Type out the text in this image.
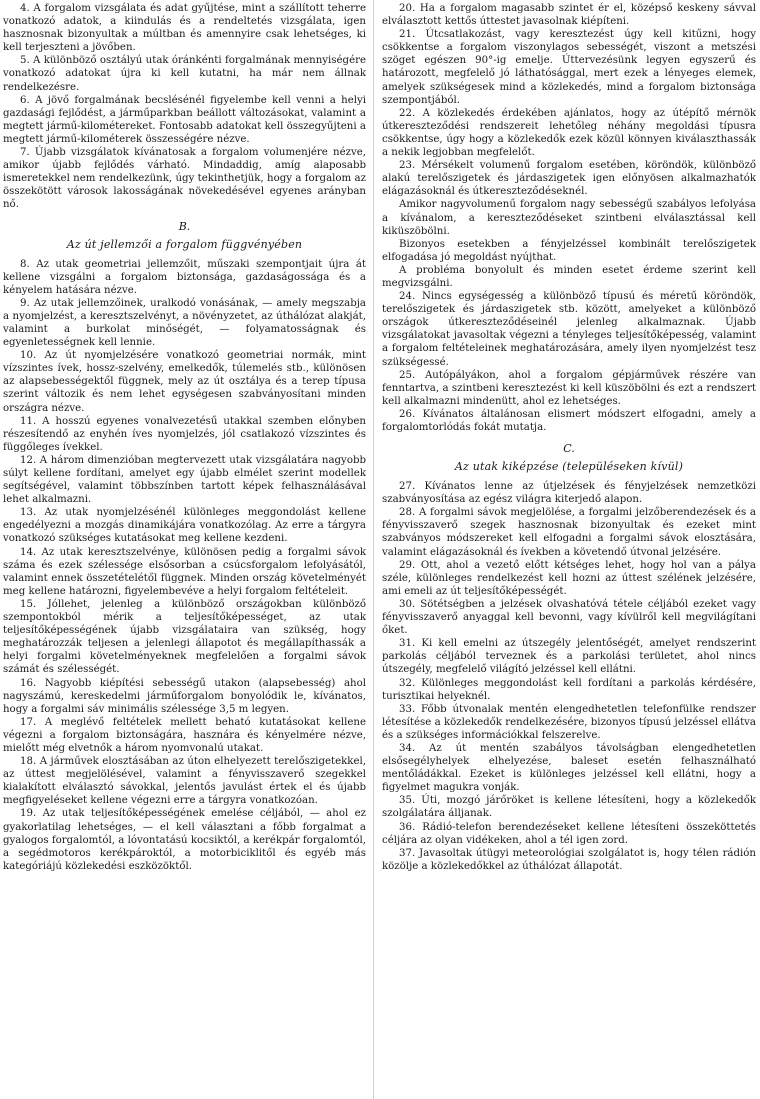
4. A forgalom vizsgálata és adat gyűjtése, mint a szállított teherre vonatkozó adatok, a kiindulás és a rendeltetés vizsgálata, igen hasznosnak bizonyultak a múltban és amennyire csak lehetséges, ki kell terjeszteni a jövőben.

5. A különböző osztályú utak óránkénti forgalmának mennyiségére vonatkozó adatokat újra ki kell kutatni, ha már nem állnak rendelkezésre.

6. A jövő forgalmának becslésénél figyelembe kell venni a helyi gazdasági fejlődést, a járműparkban beállott változásokat, valamint a megtett jármű-kilométereket. Fontosabb adatokat kell összegyűjteni a megtett jármű-kilométerek összességére nézve.

7. Újabb vizsgálatok kívánatosak a forgalom volumenjére nézve, amikor újabb fejlődés várható. Mindaddig, amíg alaposabb ismeretekkel nem rendelkezünk, úgy tekinthetjük, hogy a forgalom az összekötött városok lakosságának növekedésével egyenes arányban nő.

B.
Az út jellemzői a forgalom függvényében

8. Az utak geometriai jellemzőit, műszaki szempontjait újra át kellene vizsgálni a forgalom biztonsága, gazdaságossága és a kényelem hatására nézve.

9. Az utak jellemzőinek, uralkodó vonásának, — amely megszabja a nyomjelzést, a keresztszelvényt, a növényzetet, az úthálózat alakját, valamint a burkolat minőségét, — folyamatosságnak és egyenletességnek kell lennie.

10. Az út nyomjelzésére vonatkozó geometriai normák, mint vízszintes ívek, hossz-szelvény, emelkedők, túlemelés stb., különösen az alapsebességektől függnek, mely az út osztálya és a terep típusa szerint változik és nem lehet egységesen szabványosítani minden országra nézve.

11. A hosszú egyenes vonalvezetésű utakkal szemben előnyben részesítendő az enyhén íves nyomjelzés, jól csatlakozó vízszintes és függőleges ívekkel.

12. A három dimenzióban megtervezett utak vizsgálatára nagyobb súlyt kellene fordítani, amelyet egy újabb elmélet szerint modellek segítségével, valamint többszínben tartott képek felhasználásával lehet alkalmazni.

13. Az utak nyomjelzésénél különleges meggondolást kellene engedélyezni a mozgás dinamikájára vonatkozólag. Az erre a tárgyra vonatkozó szükséges kutatásokat meg kellene kezdeni.

14. Az utak keresztszelvénye, különösen pedig a forgalmi sávok száma és ezek szélessége elsősorban a csúcsforgalom lefolyásától, valamint ennek összetételétől függnek. Minden ország követelményét meg kellene határozni, figyelembevéve a helyi forgalom feltételeit.

15. Jóllehet, jelenleg a különböző országokban különböző szempontokból mérik a teljesítőképességet, az utak teljesítőképességének újabb vizsgálataira van szükség, hogy meghatározzák teljesen a jelenlegi állapotot és megállapíthassák a helyi forgalmi követelményeknek megfelelően a forgalmi sávok számát és szélességét.

16. Nagyobb kiépítési sebességű utakon (alapsebesség) ahol nagyszámú, kereskedelmi járműforgalom bonyolódik le, kívánatos, hogy a forgalmi sáv minimális szélessége 3,5 m legyen.

17. A meglévő feltételek mellett beható kutatásokat kellene végezni a forgalom biztonságára, hasznára és kényelmére nézve, mielőtt még elvetnők a három nyomvonalú utakat.

18. A járművek elosztásában az úton elhelyezett terelőszigetekkel, az úttest megjelölésével, valamint a fényvisszaverő szegekkel kialakított elválasztó sávokkal, jelentős javulást értek el és újabb megfigyeléseket kellene végezni erre a tárgyra vonatkozóan.

19. Az utak teljesítőképességének emelése céljából, — ahol ez gyakorlatilag lehetséges, — el kell választani a főbb forgalmat a gyalogos forgalomtól, a lóvontatású kocsiktól, a kerékpár forgalomtól, a segédmotoros kerékpároktól, a motorbiciklitől és egyéb más kategóriájú közlekedési eszközöktől.

20. Ha a forgalom magasabb szintet ér el, középső keskeny sávval elválasztott kettős úttestet javasolnak kiépíteni.

21. Útcsatlakozást, vagy keresztezést úgy kell kitűzni, hogy csökkentse a forgalom viszonylagos sebességét, viszont a metszési szöget egészen 90°-ig emelje. Úttervezésünk legyen egyszerű és határozott, megfelelő jó láthatósággal, mert ezek a lényeges elemek, amelyek szükségesek mind a közlekedés, mind a forgalom biztonsága szempontjából.

22. A közlekedés érdekében ajánlatos, hogy az útépítő mérnök útkereszteződési rendszereit lehetőleg néhány megoldási típusra csökkentse, úgy hogy a közlekedők ezek közül könnyen kiválaszthassák a nekik legjobban megfelelőt.

23. Mérsékelt volumenű forgalom esetében, köröndök, különböző alakú terelőszigetek és járdaszigetek igen előnyösen alkalmazhatók elágazásoknál és útkereszteződéseknél.

Amikor nagyvolumenű forgalom nagy sebességű szabályos lefolyása a kívánalom, a kereszteződéseket szintbeni elválasztással kell kiküszöbölni.

Bizonyos esetekben a fényjelzéssel kombinált terelőszigetek elfogadása jó megoldást nyújthat.

A probléma bonyolult és minden esetet érdeme szerint kell megvizsgálni.

24. Nincs egységesség a különböző típusú és méretű köröndök, terelőszigetek és járdaszigetek stb. között, amelyeket a különböző országok útkereszteződéseinél jelenleg alkalmaznak. Újabb vizsgálatokat javasoltak végezni a tényleges teljesítőképesség, valamint a forgalom feltételeinek meghatározására, amely ilyen nyomjelzést tesz szükségessé.

25. Autópályákon, ahol a forgalom gépjárművek részére van fenntartva, a szintbeni keresztezést ki kell küszöbölni és ezt a rendszert kell alkalmazni mindenütt, ahol ez lehetséges.

26. Kívánatos általánosan elismert módszert elfogadni, amely a forgalomtorlódás fokát mutatja.

C.
Az utak kiképzése (településeken kívül)

27. Kívánatos lenne az útjelzések és fényjelzések nemzetközi szabványosítása az egész világra kiterjedő alapon.

28. A forgalmi sávok megjelölése, a forgalmi jelzőberendezések és a fényvisszaverő szegek hasznosnak bizonyultak és ezeket mint szabványos módszereket kell elfogadni a forgalmi sávok elosztására, valamint elágazásoknál és ívekben a követendő útvonal jelzésére.

29. Ott, ahol a vezető előtt kétséges lehet, hogy hol van a pálya széle, különleges rendelkezést kell hozni az úttest szélének jelzésére, ami emeli az út teljesítőképességét.

30. Sötétségben a jelzések olvashatóvá tétele céljából ezeket vagy fényvisszaverő anyaggal kell bevonni, vagy kívülről kell megvilágítani őket.

31. Ki kell emelni az útszegély jelentőségét, amelyet rendszerint parkolás céljából terveznek és a parkolási területet, ahol nincs útszegély, megfelelő világító jelzéssel kell ellátni.

32. Különleges meggondolást kell fordítani a parkolás kérdésére, turisztikai helyeknél.

33. Főbb útvonalak mentén elengedhetetlen telefonfülke rendszer létesítése a közlekedők rendelkezésére, bizonyos típusú jelzéssel ellátva és a szükséges információkkal felszerelve.

34. Az út mentén szabályos távolságban elengedhetetlen elsősegélyhelyek elhelyezése, baleset esetén felhasználható mentőládákkal. Ezeket is különleges jelzéssel kell ellátni, hogy a figyelmet magukra vonják.

35. Úti, mozgó járőröket is kellene létesíteni, hogy a közlekedők szolgálatára álljanak.

36. Rádió-telefon berendezéseket kellene létesíteni összeköttetés céljára az olyan vidékeken, ahol a tél igen zord.

37. Javasoltak útügyi meteorológiai szolgálatot is, hogy télen rádión közölje a közlekedőkkel az úthálózat állapotát.
